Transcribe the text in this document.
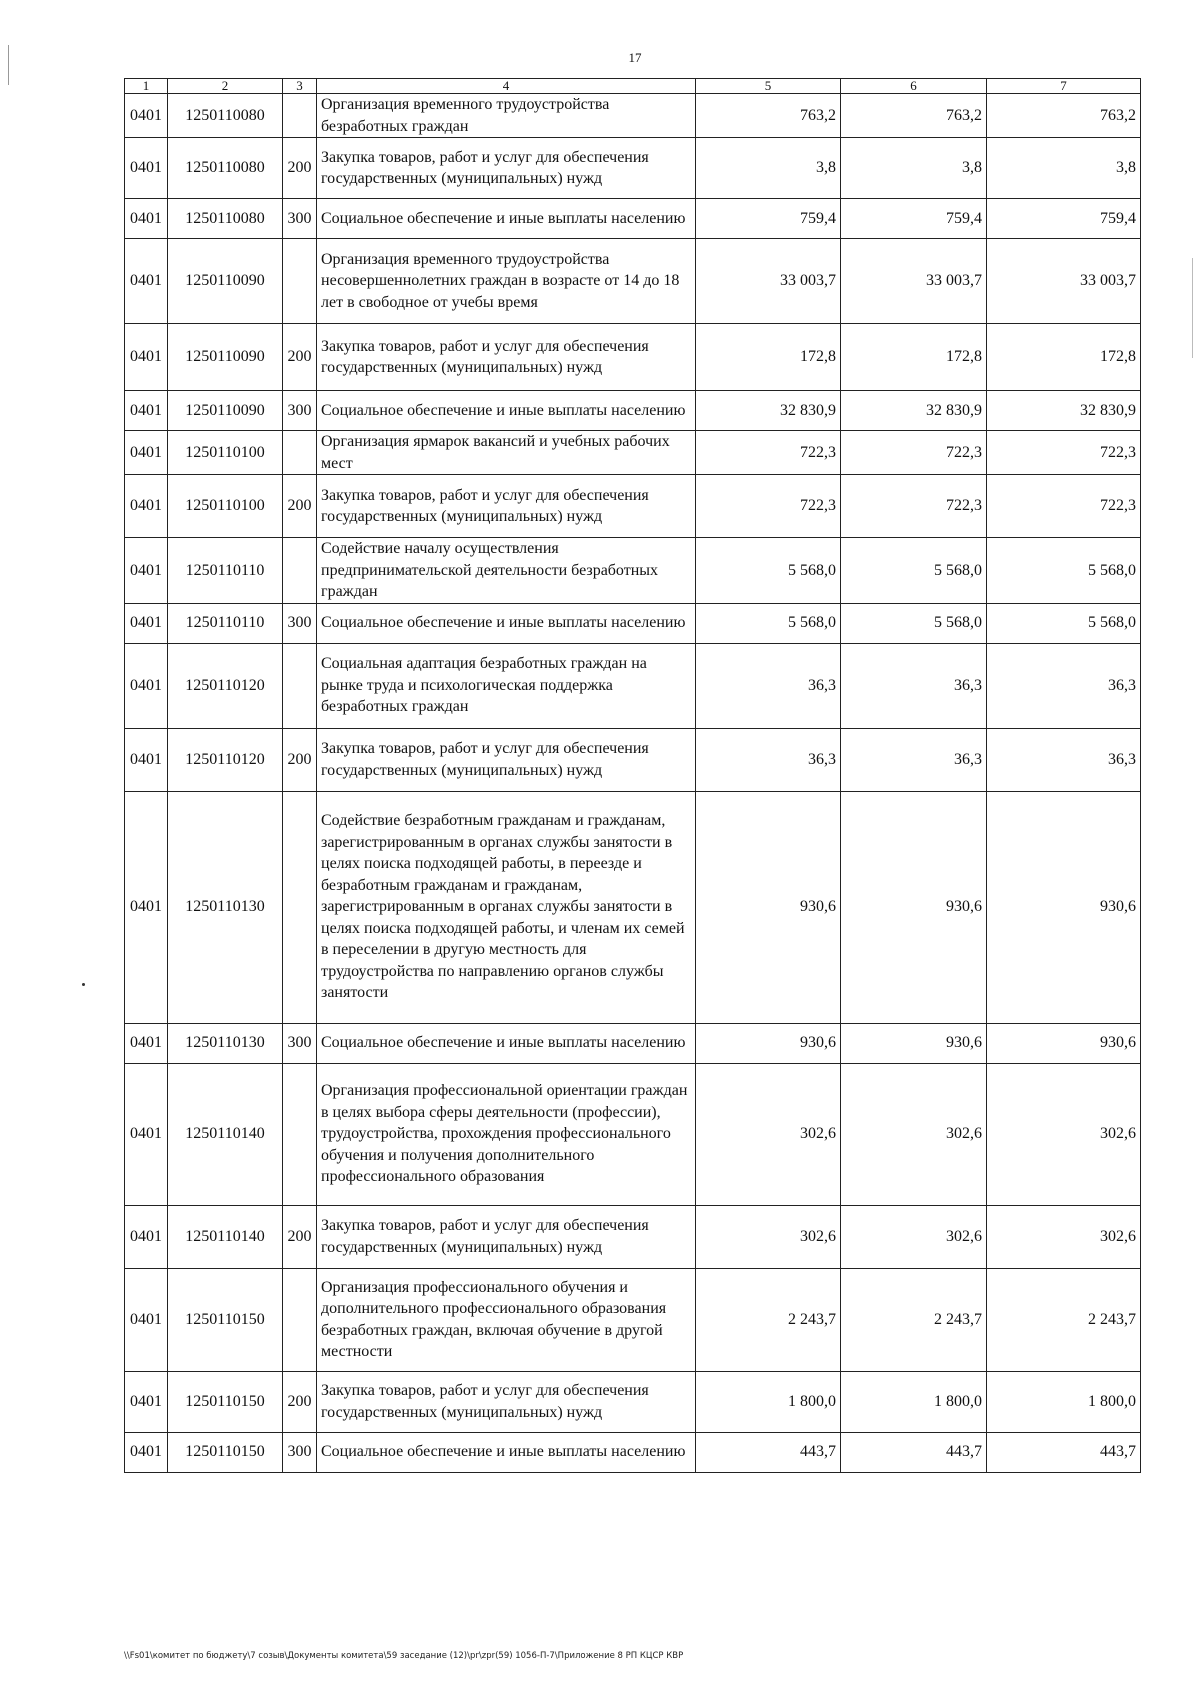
17
1	2	3	4	5	6	7
0401	1250110080		Организация временного трудоустройства безработных граждан	763,2	763,2	763,2
0401	1250110080	200	Закупка товаров, работ и услуг для обеспечения государственных (муниципальных) нужд	3,8	3,8	3,8
0401	1250110080	300	Социальное обеспечение и иные выплаты населению	759,4	759,4	759,4
0401	1250110090		Организация временного трудоустройства несовершеннолетних граждан в возрасте от 14 до 18 лет в свободное от учебы время	33 003,7	33 003,7	33 003,7
0401	1250110090	200	Закупка товаров, работ и услуг для обеспечения государственных (муниципальных) нужд	172,8	172,8	172,8
0401	1250110090	300	Социальное обеспечение и иные выплаты населению	32 830,9	32 830,9	32 830,9
0401	1250110100		Организация ярмарок вакансий и учебных рабочих мест	722,3	722,3	722,3
0401	1250110100	200	Закупка товаров, работ и услуг для обеспечения государственных (муниципальных) нужд	722,3	722,3	722,3
0401	1250110110		Содействие началу осуществления предпринимательской деятельности безработных граждан	5 568,0	5 568,0	5 568,0
0401	1250110110	300	Социальное обеспечение и иные выплаты населению	5 568,0	5 568,0	5 568,0
0401	1250110120		Социальная адаптация безработных граждан на рынке труда и психологическая поддержка безработных граждан	36,3	36,3	36,3
0401	1250110120	200	Закупка товаров, работ и услуг для обеспечения государственных (муниципальных) нужд	36,3	36,3	36,3
0401	1250110130		Содействие безработным гражданам и гражданам, зарегистрированным в органах службы занятости в целях поиска подходящей работы, в переезде и безработным гражданам и гражданам, зарегистрированным в органах службы занятости в целях поиска подходящей работы, и членам их семей в переселении в другую местность для трудоустройства по направлению органов службы занятости	930,6	930,6	930,6
0401	1250110130	300	Социальное обеспечение и иные выплаты населению	930,6	930,6	930,6
0401	1250110140		Организация профессиональной ориентации граждан в целях выбора сферы деятельности (профессии), трудоустройства, прохождения профессионального обучения и получения дополнительного профессионального образования	302,6	302,6	302,6
0401	1250110140	200	Закупка товаров, работ и услуг для обеспечения государственных (муниципальных) нужд	302,6	302,6	302,6
0401	1250110150		Организация профессионального обучения и дополнительного профессионального образования безработных граждан, включая обучение в другой местности	2 243,7	2 243,7	2 243,7
0401	1250110150	200	Закупка товаров, работ и услуг для обеспечения государственных (муниципальных) нужд	1 800,0	1 800,0	1 800,0
0401	1250110150	300	Социальное обеспечение и иные выплаты населению	443,7	443,7	443,7
\\Fs01\комитет по бюджету\7 созыв\Документы комитета\59 заседание (12)\pr\zpr(59) 1056-П-7\Приложение 8 РП КЦСР КВР
